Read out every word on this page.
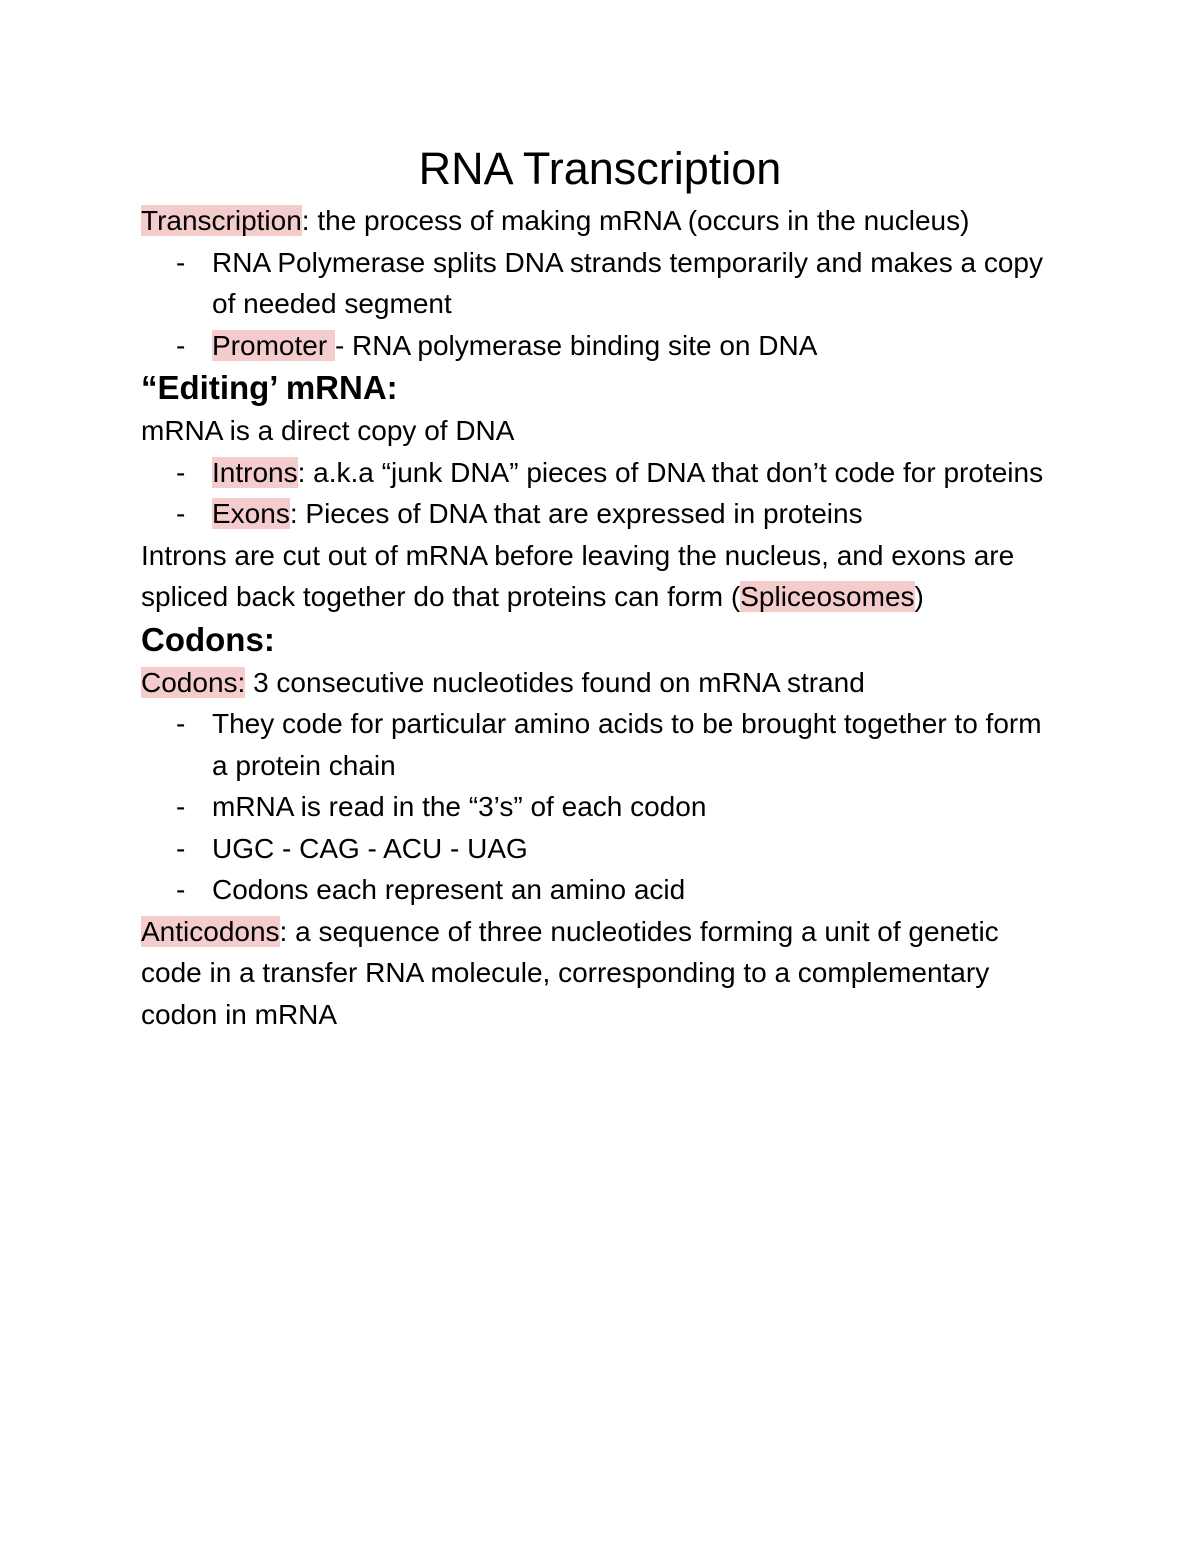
RNA Transcription

Transcription: the process of making mRNA (occurs in the nucleus)

- RNA Polymerase splits DNA strands temporarily and makes a copy of needed segment
- Promoter - RNA polymerase binding site on DNA
“Editing’ mRNA:

mRNA is a direct copy of DNA

- Introns: a.k.a “junk DNA” pieces of DNA that don’t code for proteins
- Exons: Pieces of DNA that are expressed in proteins

Introns are cut out of mRNA before leaving the nucleus, and exons are spliced back together do that proteins can form (Spliceosomes)

Codons:

Codons: 3 consecutive nucleotides found on mRNA strand

- They code for particular amino acids to be brought together to form a protein chain
- mRNA is read in the “3’s” of each codon
- UGC - CAG - ACU - UAG
- Codons each represent an amino acid

Anticodons: a sequence of three nucleotides forming a unit of genetic code in a transfer RNA molecule, corresponding to a complementary codon in mRNA
